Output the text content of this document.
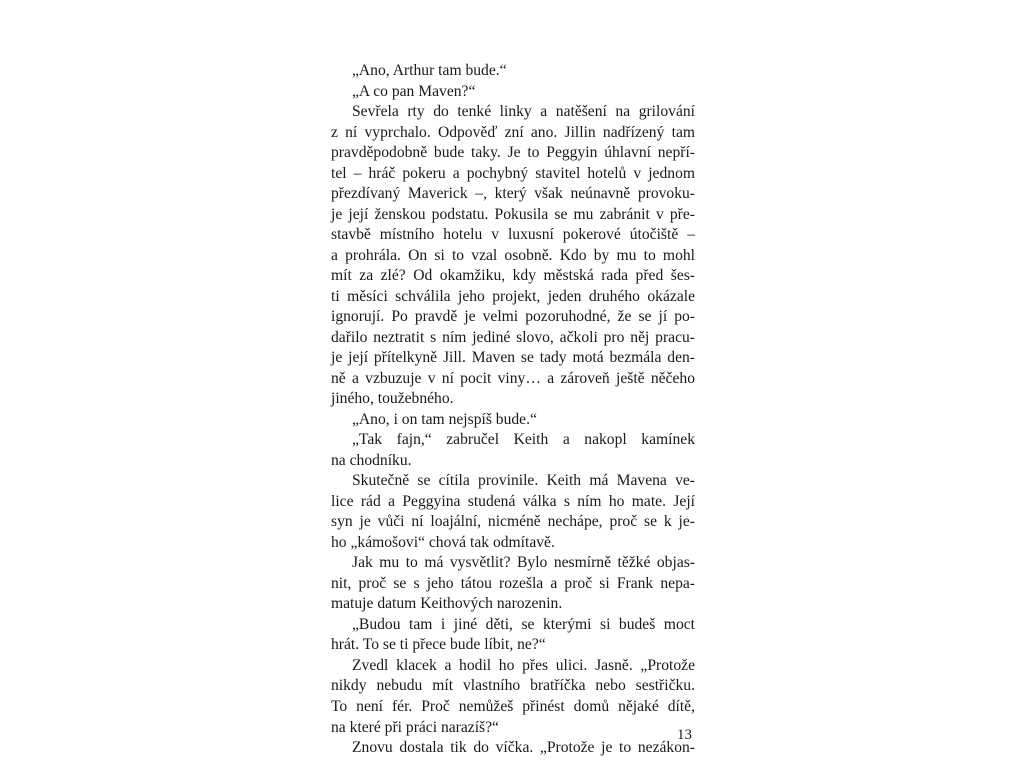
„Ano, Arthur tam bude.“
„A co pan Maven?“
Sevřela rty do tenké linky a natěšení na grilování
z ní vyprchalo. Odpověď zní ano. Jillin nadřízený tam
pravděpodobně bude taky. Je to Peggyin úhlavní nepří-
tel – hráč pokeru a pochybný stavitel hotelů v jednom
přezdívaný Maverick –, který však neúnavně provoku-
je její ženskou podstatu. Pokusila se mu zabránit v pře-
stavbě místního hotelu v luxusní pokerové útočiště –
a prohrála. On si to vzal osobně. Kdo by mu to mohl
mít za zlé? Od okamžiku, kdy městská rada před šes-
ti měsíci schválila jeho projekt, jeden druhého okázale
ignorují. Po pravdě je velmi pozoruhodné, že se jí po-
dařilo neztratit s ním jediné slovo, ačkoli pro něj pracu-
je její přítelkyně Jill. Maven se tady motá bezmála den-
ně a vzbuzuje v ní pocit viny… a zároveň ještě něčeho
jiného, toužebného.
„Ano, i on tam nejspíš bude.“
„Tak fajn,“ zabručel Keith a nakopl kamínek
na chodníku.
Skutečně se cítila provinile. Keith má Mavena ve-
lice rád a Peggyina studená válka s ním ho mate. Její
syn je vůči ní loajální, nicméně nechápe, proč se k je-
ho „kámošovi“ chová tak odmítavě.
Jak mu to má vysvětlit? Bylo nesmírně těžké objas-
nit, proč se s jeho tátou rozešla a proč si Frank nepa-
matuje datum Keithových narozenin.
„Budou tam i jiné děti, se kterými si budeš moct
hrát. To se ti přece bude líbit, ne?“
Zvedl klacek a hodil ho přes ulici. Jasně. „Protože
nikdy nebudu mít vlastního bratříčka nebo sestřičku.
To není fér. Proč nemůžeš přinést domů nějaké dítě,
na které při práci narazíš?“
Znovu dostala tik do víčka. „Protože je to nezákon-
13
